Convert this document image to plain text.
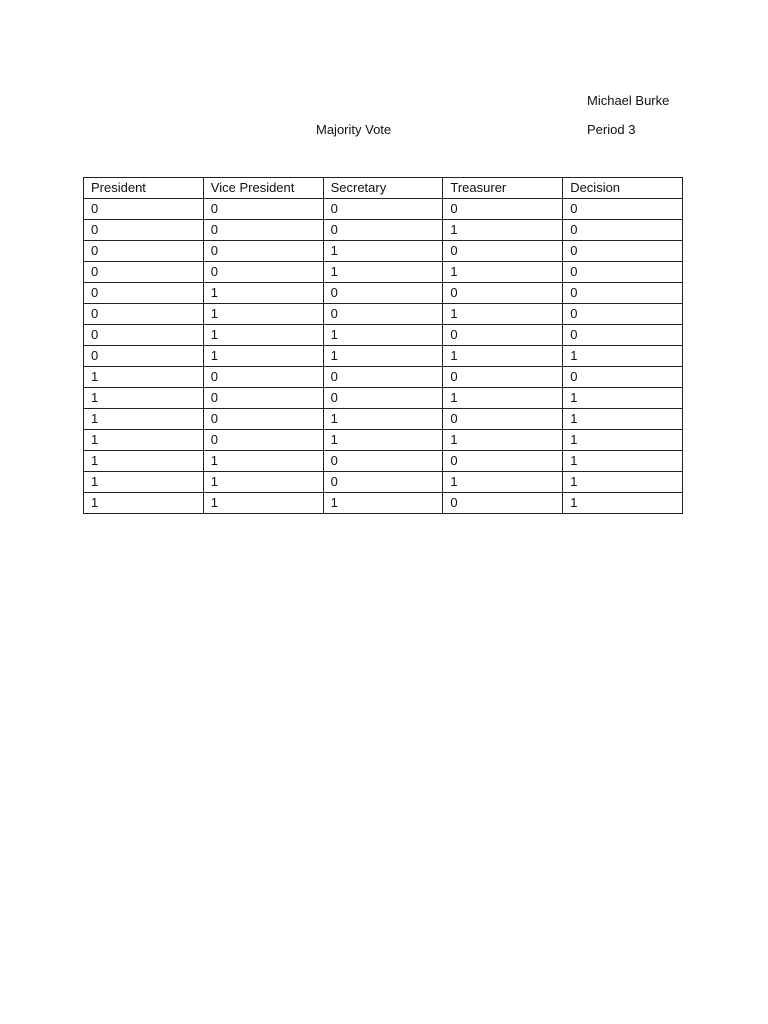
Michael Burke
Majority Vote	Period 3
President	Vice President	Secretary	Treasurer	Decision
0	0	0	0	0
0	0	0	1	0
0	0	1	0	0
0	0	1	1	0
0	1	0	0	0
0	1	0	1	0
0	1	1	0	0
0	1	1	1	1
1	0	0	0	0
1	0	0	1	1
1	0	1	0	1
1	0	1	1	1
1	1	0	0	1
1	1	0	1	1
1	1	1	0	1
